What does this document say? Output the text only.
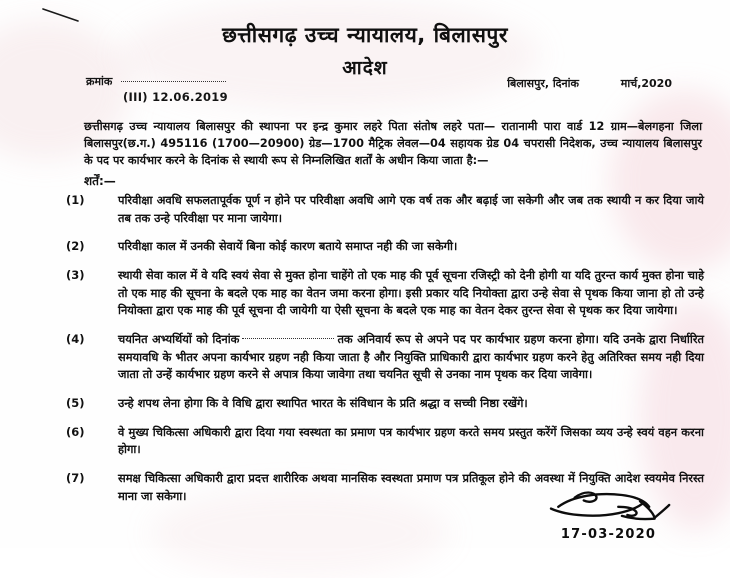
छत्तीसगढ़ उच्च न्यायालय, बिलासपुर
आदेश
क्रमांक
(III) 12.06.2019
बिलासपुर, दिनांक	मार्च,2020
छत्तीसगढ़ उच्च न्यायालय बिलासपुर की स्थापना पर इन्द्र कुमार लहरे पिता संतोष लहरे पता— रातानामी पारा वार्ड 12 ग्राम—बेलगहना जिला बिलासपुर(छ.ग.) 495116 (1700—20900) ग्रेड—1700 मैट्रिक लेवल—04 सहायक ग्रेड 04 चपरासी निदेशक, उच्च न्यायालय बिलासपुर के पद पर कार्यभार करने के दिनांक से स्थायी रूप से निम्नलिखित शर्तों के अधीन किया जाता है:—
शर्तें:—
(1)	परिवीक्षा अवधि सफलतापूर्वक पूर्ण न होने पर परिवीक्षा अवधि आगे एक वर्ष तक और बढ़ाई जा सकेगी और जब तक स्थायी न कर दिया जाये तब तक उन्हे परिवीक्षा पर माना जायेगा।
(2)	परिवीक्षा काल में उनकी सेवायें बिना कोई कारण बताये समाप्त नही की जा सकेगी।
(3)	स्थायी सेवा काल में वे यदि स्वयं सेवा से मुक्त होना चाहेंगे तो एक माह की पूर्व सूचना रजिस्ट्री को देनी होगी या यदि तुरन्त कार्य मुक्त होना चाहे तो एक माह की सूचना के बदले एक माह का वेतन जमा करना होगा। इसी प्रकार यदि नियोक्ता द्वारा उन्हे सेवा से पृथक किया जाना हो तो उन्हे नियोक्ता द्वारा एक माह की पूर्व सूचना दी जायेगी या ऐसी सूचना के बदले एक माह का वेतन देकर तुरन्त सेवा से पृथक कर दिया जायेगा।
(4)	चयनित अभ्यर्थियों को दिनांक	तक अनिवार्य रूप से अपने पद पर कार्यभार ग्रहण करना होगा। यदि उनके द्वारा निर्धारित समयावधि के भीतर अपना कार्यभार ग्रहण नही किया जाता है और नियुक्ति प्राधिकारी द्वारा कार्यभार ग्रहण करने हेतु अतिरिक्त समय नही दिया जाता तो उन्हें कार्यभार ग्रहण करने से अपात्र किया जावेगा तथा चयनित सूची से उनका नाम पृथक कर दिया जावेगा।
(5)	उन्हे शपथ लेना होगा कि वे विधि द्वारा स्थापित भारत के संविधान के प्रति श्रद्धा व सच्ची निष्ठा रखेंगे।
(6)	वे मुख्य चिकित्सा अधिकारी द्वारा दिया गया स्वस्थता का प्रमाण पत्र कार्यभार ग्रहण करते समय प्रस्तुत करेंगें जिसका व्यय उन्हे स्वयं वहन करना होगा।
(7)	समक्ष चिकित्सा अधिकारी द्वारा प्रदत्त शारीरिक अथवा मानसिक स्वस्थता प्रमाण पत्र प्रतिकूल होने की अवस्था में नियुक्ति आदेश स्वयमेव निरस्त माना जा सकेगा।
17-03-2020
